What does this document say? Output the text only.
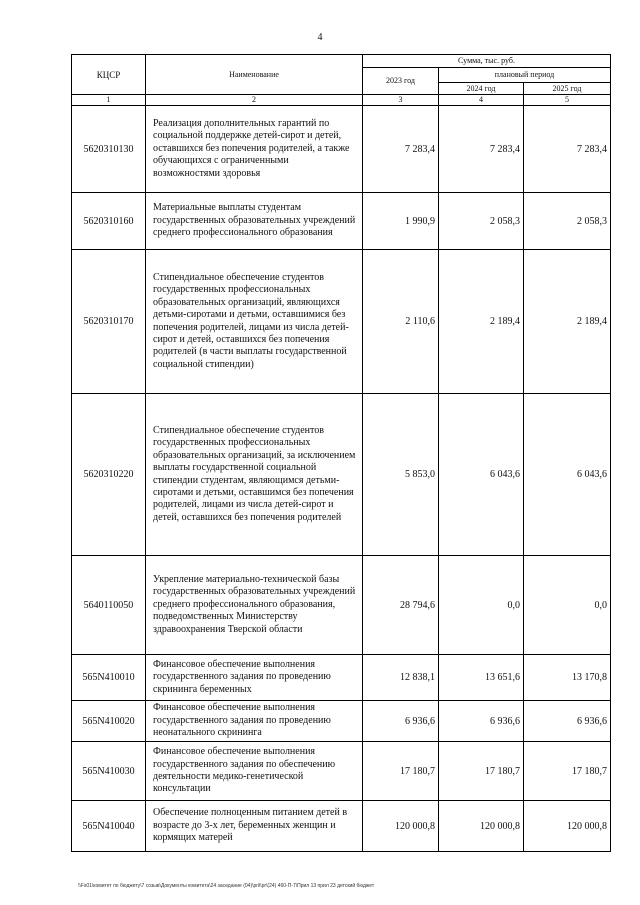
4
КЦСР	Наименование	Сумма, тыс. руб.		
		2023 год	плановый период	
			2024 год	2025 год
1	2	3	4	5
5620310130	Реализация дополнительных гарантий по социальной поддержке детей-сирот и детей, оставшихся без попечения родителей, а также обучающихся с ограниченными возможностями здоровья	7 283,4	7 283,4	7 283,4
5620310160	Материальные выплаты студентам государственных образовательных учреждений среднего профессионального образования	1 990,9	2 058,3	2 058,3
5620310170	Стипендиальное обеспечение студентов государственных профессиональных образовательных организаций, являющихся детьми-сиротами и детьми, оставшимися без попечения родителей, лицами из числа детей-сирот и детей, оставшихся без попечения родителей (в части выплаты государственной социальной стипендии)	2 110,6	2 189,4	2 189,4
5620310220	Стипендиальное обеспечение студентов государственных профессиональных образовательных организаций, за исключением выплаты государственной социальной стипендии студентам, являющимся детьми-сиротами и детьми, оставшимся без попечения родителей, лицами из числа детей-сирот и детей, оставшихся без попечения родителей	5 853,0	6 043,6	6 043,6
5640110050	Укрепление материально-технической базы государственных образовательных учреждений среднего профессионального образования, подведомственных Министерству здравоохранения Тверской области	28 794,6	0,0	0,0
565N410010	Финансовое обеспечение выполнения государственного задания по проведению скрининга беременных	12 838,1	13 651,6	13 170,8
565N410020	Финансовое обеспечение выполнения государственного задания по проведению неонатального скрининга	6 936,6	6 936,6	6 936,6
565N410030	Финансовое обеспечение выполнения государственного задания по обеспечению деятельности медико-генетической консультации	17 180,7	17 180,7	17 180,7
565N410040	Обеспечение полноценным питанием детей в возрасте до 3-х лет, беременных женщин и кормящих матерей	120 000,8	120 000,8	120 000,8
\\Fs01\комитет по бюджету\7 созыв\Документы комитета\24 заседание (04)\pril\pr\(24) 460-П-7\Прил 13 прил 23 детский бюджет
